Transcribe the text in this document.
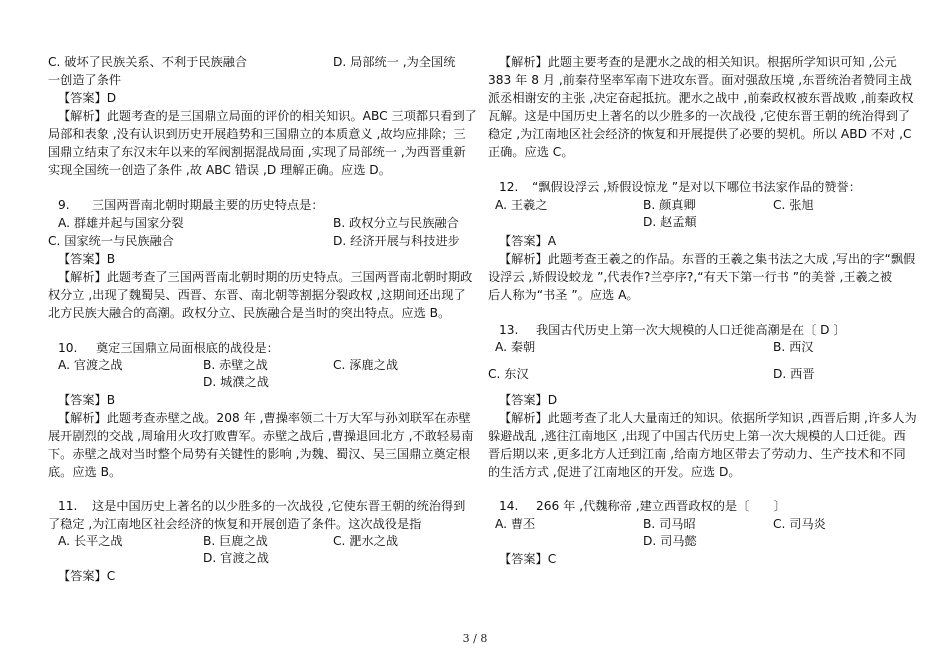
C. 破坏了民族关系、不利于民族融合	D. 局部统一 ,为全国统
一创造了条件
【答案】D
【解析】此题考查的是三国鼎立局面的评价的相关知识。ABC 三项都只看到了
局部和表象 ,没有认识到历史开展趋势和三国鼎立的本质意义 ,故均应排除；三
国鼎立结束了东汉末年以来的军阀割据混战局面 ,实现了局部统一 ,为西晋重新
实现全国统一创造了条件 ,故 ABC 错误 ,D 理解正确。应选 D。
9. 三国两晋南北朝时期最主要的历史特点是：
A. 群雄并起与国家分裂	B. 政权分立与民族融合
C. 国家统一与民族融合	D. 经济开展与科技进步
【答案】B
【解析】此题考查了三国两晋南北朝时期的历史特点。三国两晋南北朝时期政
权分立 ,出现了魏蜀吴、西晋、东晋、南北朝等割据分裂政权 ,这期间还出现了
北方民族大融合的高潮。政权分立、民族融合是当时的突出特点。应选 B。
10. 奠定三国鼎立局面根底的战役是：
A. 官渡之战	B. 赤壁之战	C. 涿鹿之战
D. 城濮之战
【答案】B
【解析】此题考查赤壁之战。208 年 ,曹操率领二十万大军与孙刘联军在赤壁
展开剧烈的交战 ,周瑜用火攻打败曹军。赤壁之战后 ,曹操退回北方 ,不敢轻易南
下。赤壁之战对当时整个局势有关键性的影响 ,为魏、蜀汉、吴三国鼎立奠定根
底。应选 B。
11. 这是中国历史上著名的以少胜多的一次战役 ,它使东晋王朝的统治得到
了稳定 ,为江南地区社会经济的恢复和开展创造了条件。这次战役是指
A. 长平之战	B. 巨鹿之战	C. 淝水之战
D. 官渡之战
【答案】C
【解析】此题主要考查的是淝水之战的相关知识。根据所学知识可知 ,公元
383 年 8 月 ,前秦苻坚率军南下进攻东晋。面对强敌压境 ,东晋统治者赞同主战
派丞相谢安的主张 ,决定奋起抵抗。淝水之战中 ,前秦政权被东晋战败 ,前秦政权
瓦解。这是中国历史上著名的以少胜多的一次战役 ,它使东晋王朝的统治得到了
稳定 ,为江南地区社会经济的恢复和开展提供了必要的契机。所以 ABD 不对 ,C
正确。应选 C。
12. “飘假设浮云 ,矫假设惊龙 ”是对以下哪位书法家作品的赞誉：
A. 王羲之	B. 颜真卿	C. 张旭
D. 赵孟頫
【答案】A
【解析】此题考查王羲之的作品。东晋的王羲之集书法之大成 ,写出的字“飘假
设浮云 ,矫假设蛟龙 ”,代表作?兰亭序?,“有天下第一行书 ”的美誉 ,王羲之被
后人称为“书圣 ”。应选 A。
13. 我国古代历史上第一次大规模的人口迁徙高潮是在〔 D 〕
A. 秦朝	B. 西汉
C. 东汉	D. 西晋
【答案】D
【解析】此题考查了北人大量南迁的知识。依据所学知识 ,西晋后期 ,许多人为
躲避战乱 ,逃往江南地区 ,出现了中国古代历史上第一次大规模的人口迁徙。西
晋后期以来 ,更多北方人迁到江南 ,给南方地区带去了劳动力、生产技术和不同
的生活方式 ,促进了江南地区的开发。应选 D。
14. 266 年 ,代魏称帝 ,建立西晋政权的是〔　　〕
A. 曹丕	B. 司马昭	C. 司马炎
D. 司马懿
【答案】C
3 / 8
